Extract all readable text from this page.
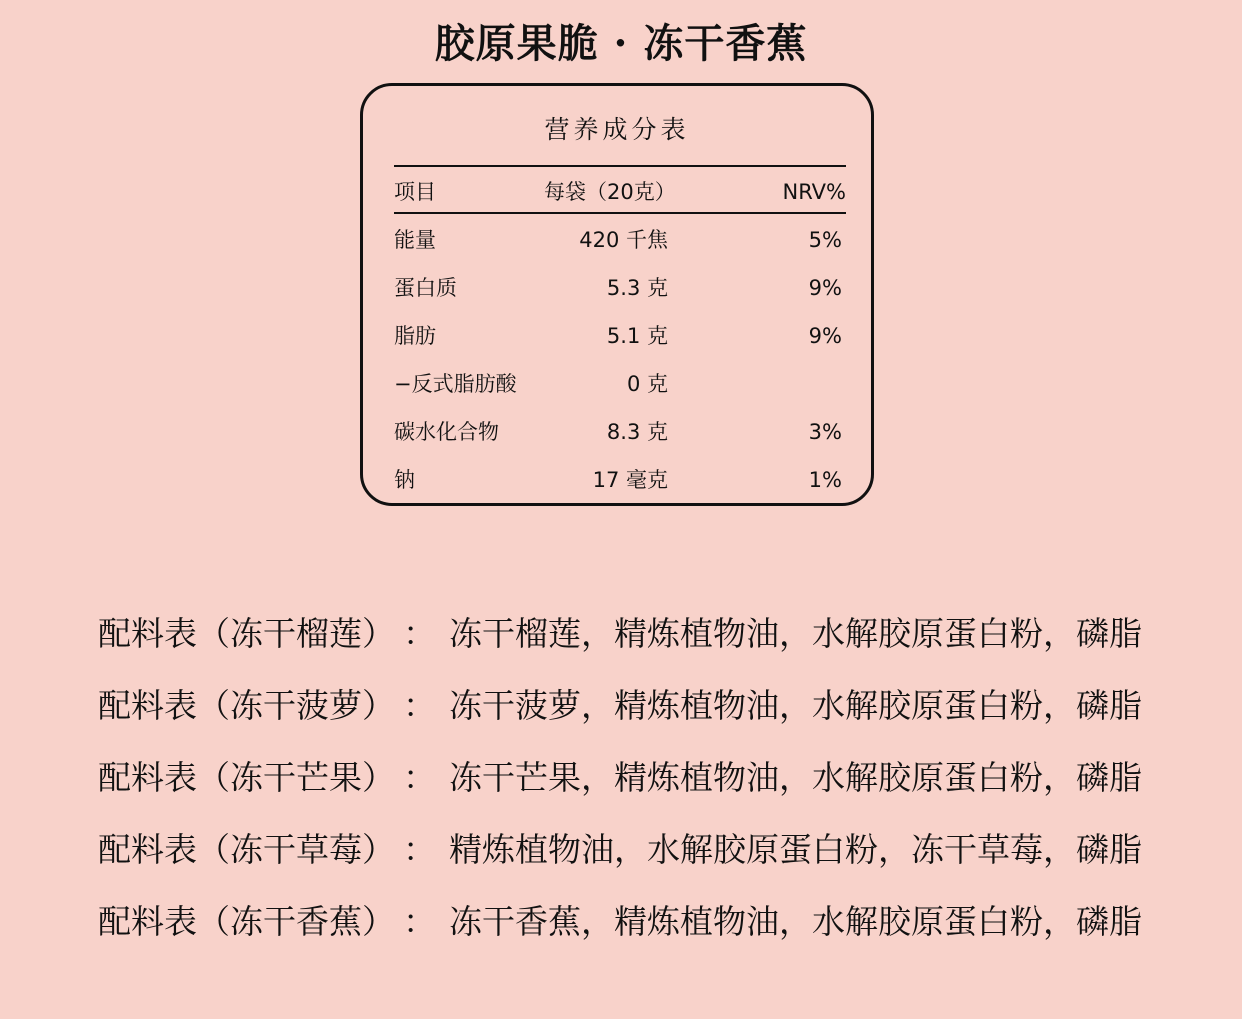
胶原果脆 · 冻干香蕉
营养成分表
项目	每袋（20克）	NRV%
能量	420 千焦	5%
蛋白质	5.3 克	9%
脂肪	5.1 克	9%
−反式脂肪酸	0 克
碳水化合物	8.3 克	3%
钠	17 毫克	1%
配料表（冻干榴莲） ： 冻干榴莲，精炼植物油，水解胶原蛋白粉，磷脂
配料表（冻干菠萝） ： 冻干菠萝，精炼植物油，水解胶原蛋白粉，磷脂
配料表（冻干芒果） ： 冻干芒果，精炼植物油，水解胶原蛋白粉，磷脂
配料表（冻干草莓） ： 精炼植物油，水解胶原蛋白粉，冻干草莓，磷脂
配料表（冻干香蕉） ： 冻干香蕉，精炼植物油，水解胶原蛋白粉，磷脂
